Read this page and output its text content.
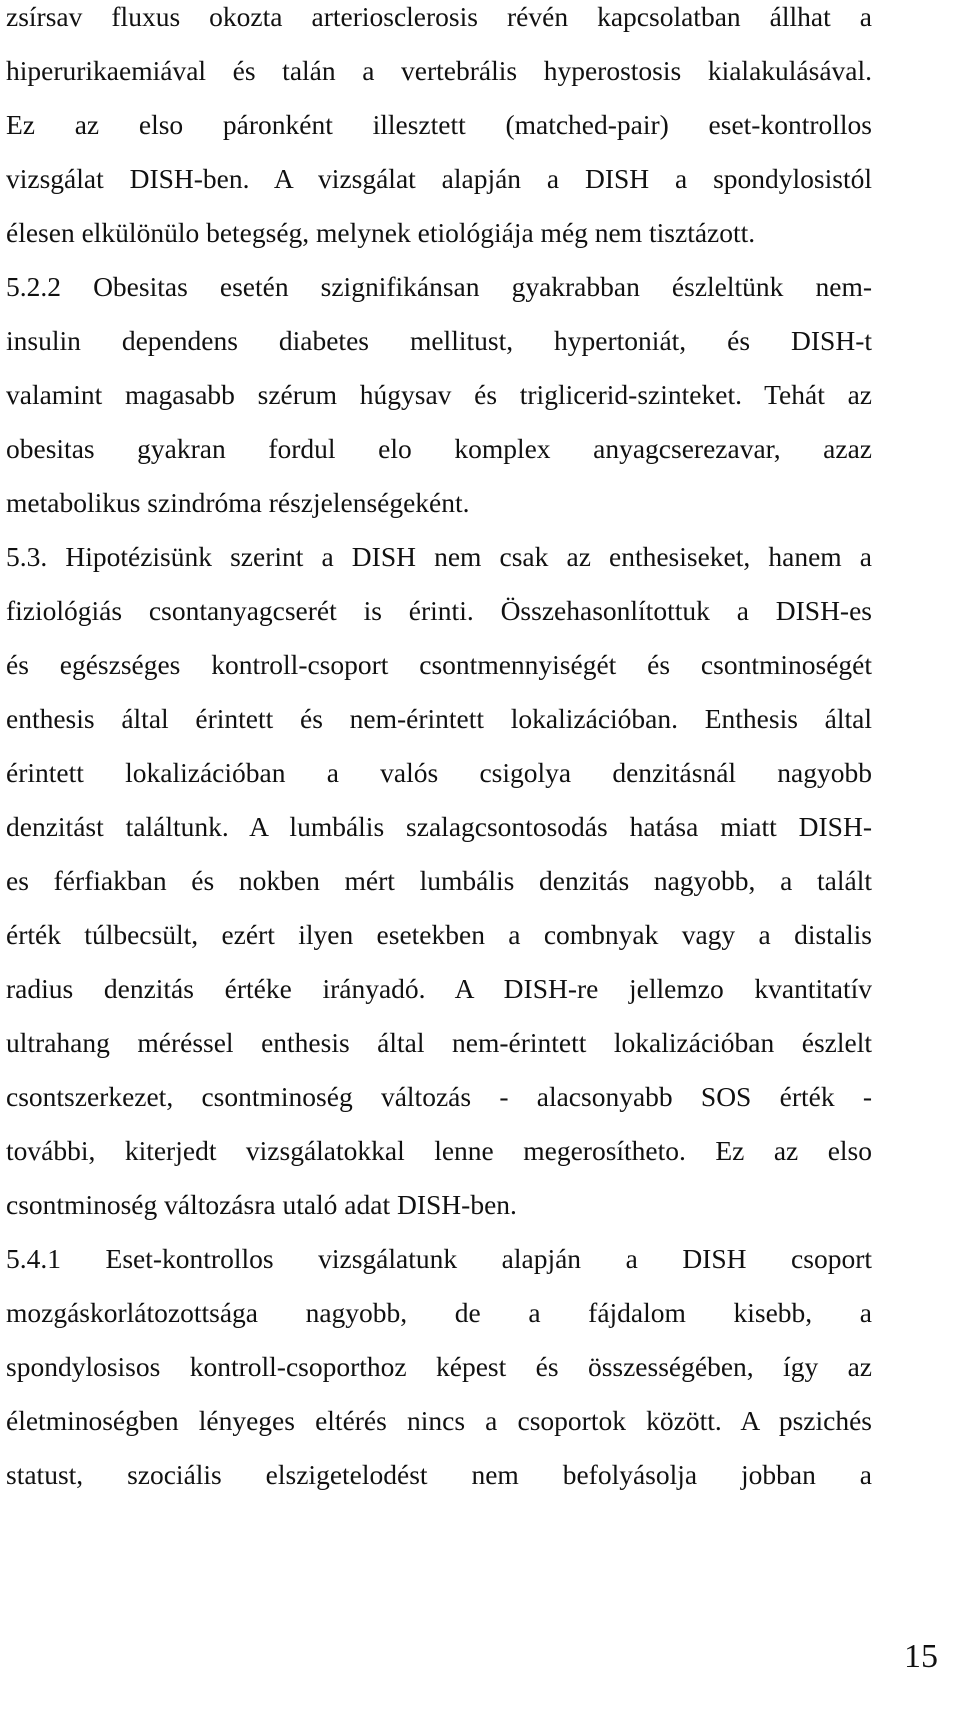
zsírsav fluxus okozta arteriosclerosis révén kapcsolatban állhat a
hiperurikaemiával és talán a vertebrális hyperostosis kialakulásával.
Ez az elso páronként illesztett (matched-pair) eset-kontrollos
vizsgálat DISH-ben. A vizsgálat alapján a DISH a spondylosistól
élesen elkülönülo betegség, melynek etiológiája még nem tisztázott.
5.2.2 Obesitas esetén szignifikánsan gyakrabban észleltünk nem-
insulin dependens diabetes mellitust, hypertoniát, és DISH-t
valamint magasabb szérum húgysav és triglicerid-szinteket. Tehát az
obesitas gyakran fordul elo komplex anyagcserezavar, azaz
metabolikus szindróma részjelenségeként.
5.3. Hipotézisünk szerint a DISH nem csak az enthesiseket, hanem a
fiziológiás csontanyagcserét is érinti. Összehasonlítottuk a DISH-es
és egészséges kontroll-csoport csontmennyiségét és csontminoségét
enthesis által érintett és nem-érintett lokalizációban. Enthesis által
érintett lokalizációban a valós csigolya denzitásnál nagyobb
denzitást találtunk. A lumbális szalagcsontosodás hatása miatt DISH-
es férfiakban és nokben mért lumbális denzitás nagyobb, a talált
érték túlbecsült, ezért ilyen esetekben a combnyak vagy a distalis
radius denzitás értéke irányadó. A DISH-re jellemzo kvantitatív
ultrahang méréssel enthesis által nem-érintett lokalizációban észlelt
csontszerkezet, csontminoség változás - alacsonyabb SOS érték -
további, kiterjedt vizsgálatokkal lenne megerosítheto. Ez az elso
csontminoség változásra utaló adat DISH-ben.
5.4.1 Eset-kontrollos vizsgálatunk alapján a DISH csoport
mozgáskorlátozottsága nagyobb, de a fájdalom kisebb, a
spondylosisos kontroll-csoporthoz képest és összességében, így az
életminoségben lényeges eltérés nincs a csoportok között. A pszichés
statust, szociális elszigetelodést nem befolyásolja jobban a
15
